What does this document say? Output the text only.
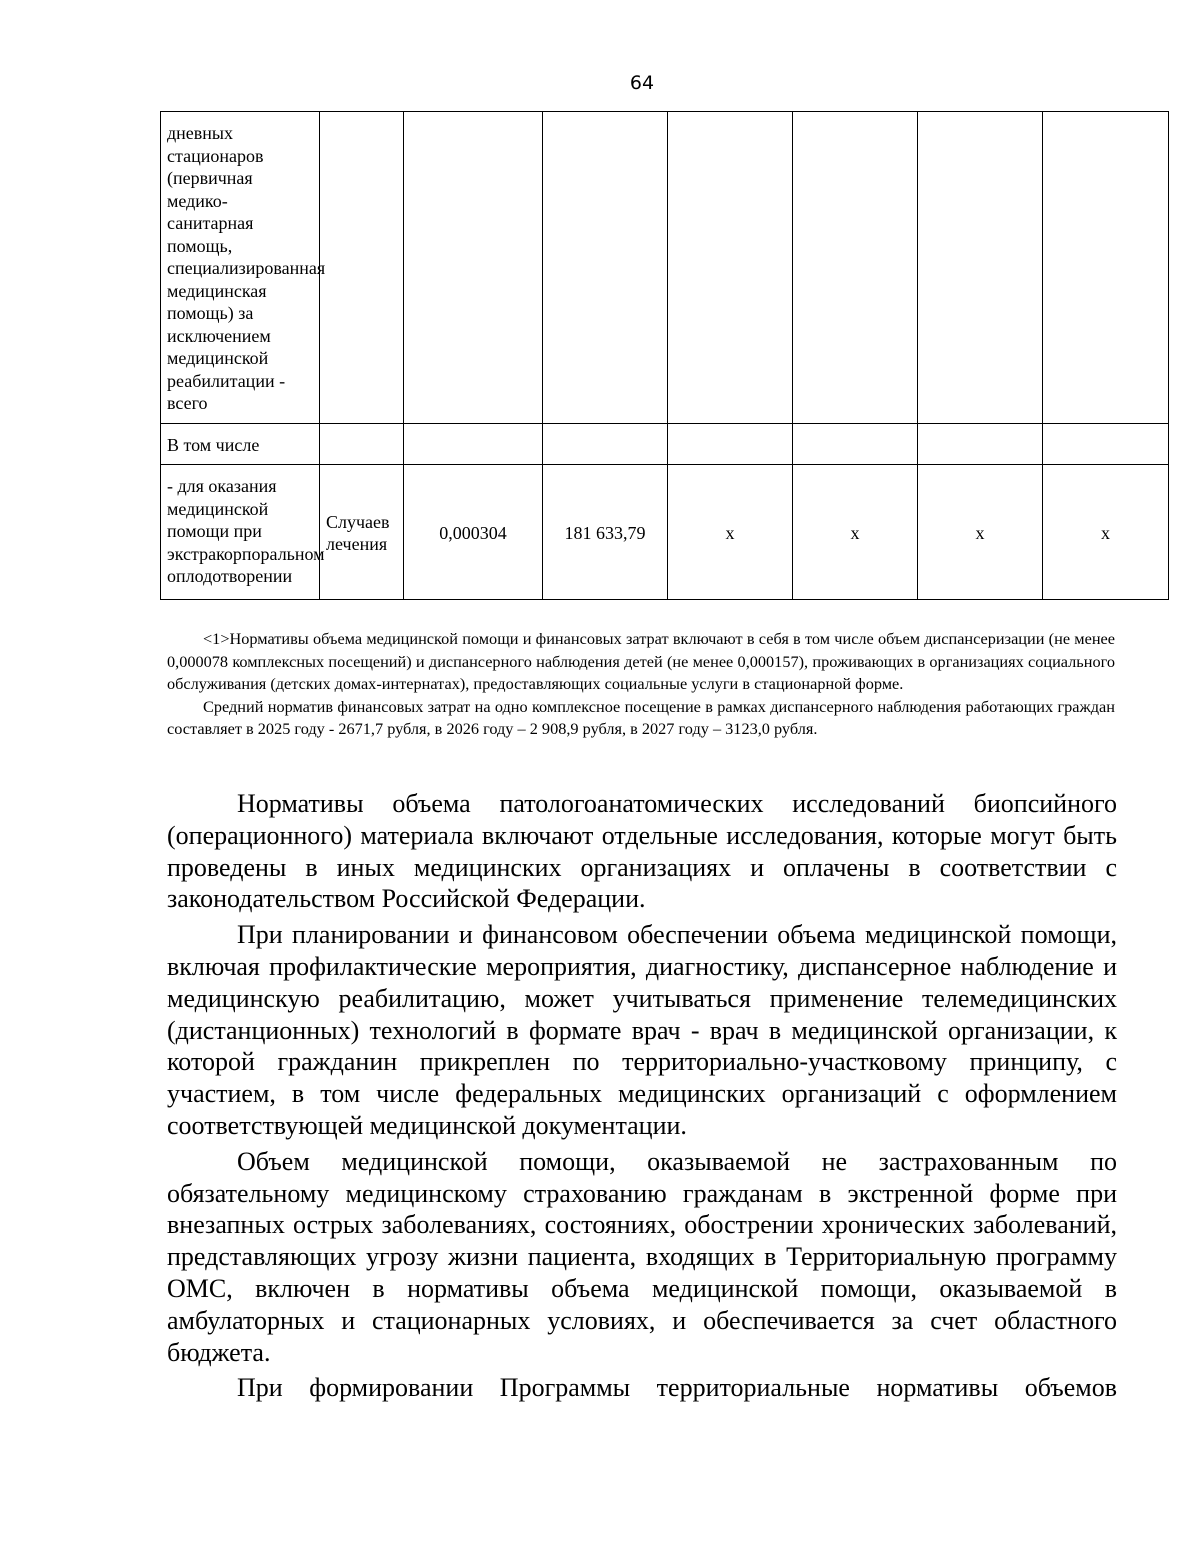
64
дневных стационаров (первичная медико-санитарная помощь, специализированная медицинская помощь) за исключением медицинской реабилитации - всего							
В том числе							
- для оказания медицинской помощи при экстракорпоральном оплодотворении	Случаев лечения	0,000304	181 633,79	x	x	x	x

<1>Нормативы объема медицинской помощи и финансовых затрат включают в себя в том числе объем диспансеризации (не менее 0,000078 комплексных посещений) и диспансерного наблюдения детей (не менее 0,000157), проживающих в организациях социального обслуживания (детских домах-интернатах), предоставляющих социальные услуги в стационарной форме.

Средний норматив финансовых затрат на одно комплексное посещение в рамках диспансерного наблюдения работающих граждан составляет в 2025 году - 2671,7 рубля, в 2026 году – 2 908,9 рубля, в 2027 году – 3123,0 рубля.

Нормативы объема патологоанатомических исследований биопсийного (операционного) материала включают отдельные исследования, которые могут быть проведены в иных медицинских организациях и оплачены в соответствии с законодательством Российской Федерации.

При планировании и финансовом обеспечении объема медицинской помощи, включая профилактические мероприятия, диагностику, диспансерное наблюдение и медицинскую реабилитацию, может учитываться применение телемедицинских (дистанционных) технологий в формате врач - врач в медицинской организации, к которой гражданин прикреплен по территориально-участковому принципу, с участием, в том числе федеральных медицинских организаций с оформлением соответствующей медицинской документации.

Объем медицинской помощи, оказываемой не застрахованным по обязательному медицинскому страхованию гражданам в экстренной форме при внезапных острых заболеваниях, состояниях, обострении хронических заболеваний, представляющих угрозу жизни пациента, входящих в Территориальную программу ОМС, включен в нормативы объема медицинской помощи, оказываемой в амбулаторных и стационарных условиях, и обеспечивается за счет областного бюджета.

При формировании Программы территориальные нормативы объемов
